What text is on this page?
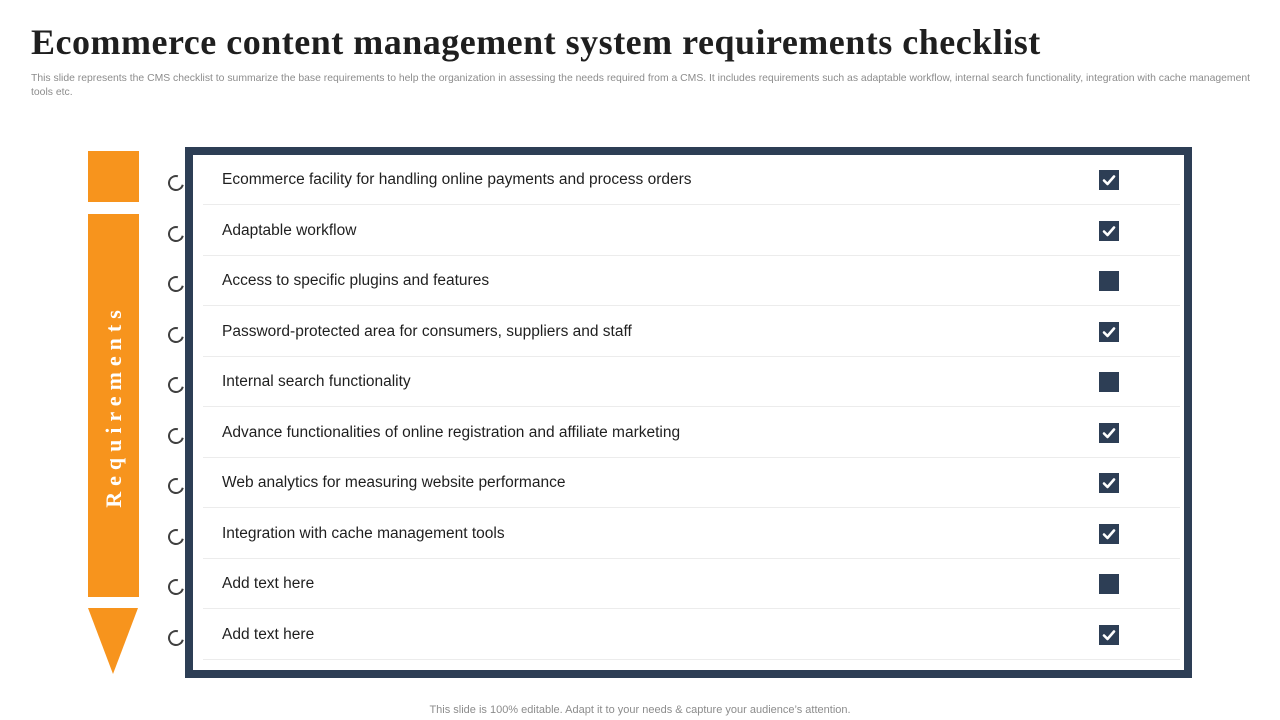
Ecommerce content management system requirements checklist

This slide represents the CMS checklist to summarize the base requirements to help the organization in assessing the needs required from a CMS. It includes requirements such as adaptable workflow, internal search functionality, integration with cache management tools etc.

Requirements
Ecommerce facility for handling online payments and process orders
Adaptable workflow
Access to specific plugins and features
Password-protected area for consumers, suppliers and staff
Internal search functionality
Advance functionalities of online registration and affiliate marketing
Web analytics for measuring website performance
Integration with cache management tools
Add text here
Add text here

This slide is 100% editable. Adapt it to your needs & capture your audience’s attention.
